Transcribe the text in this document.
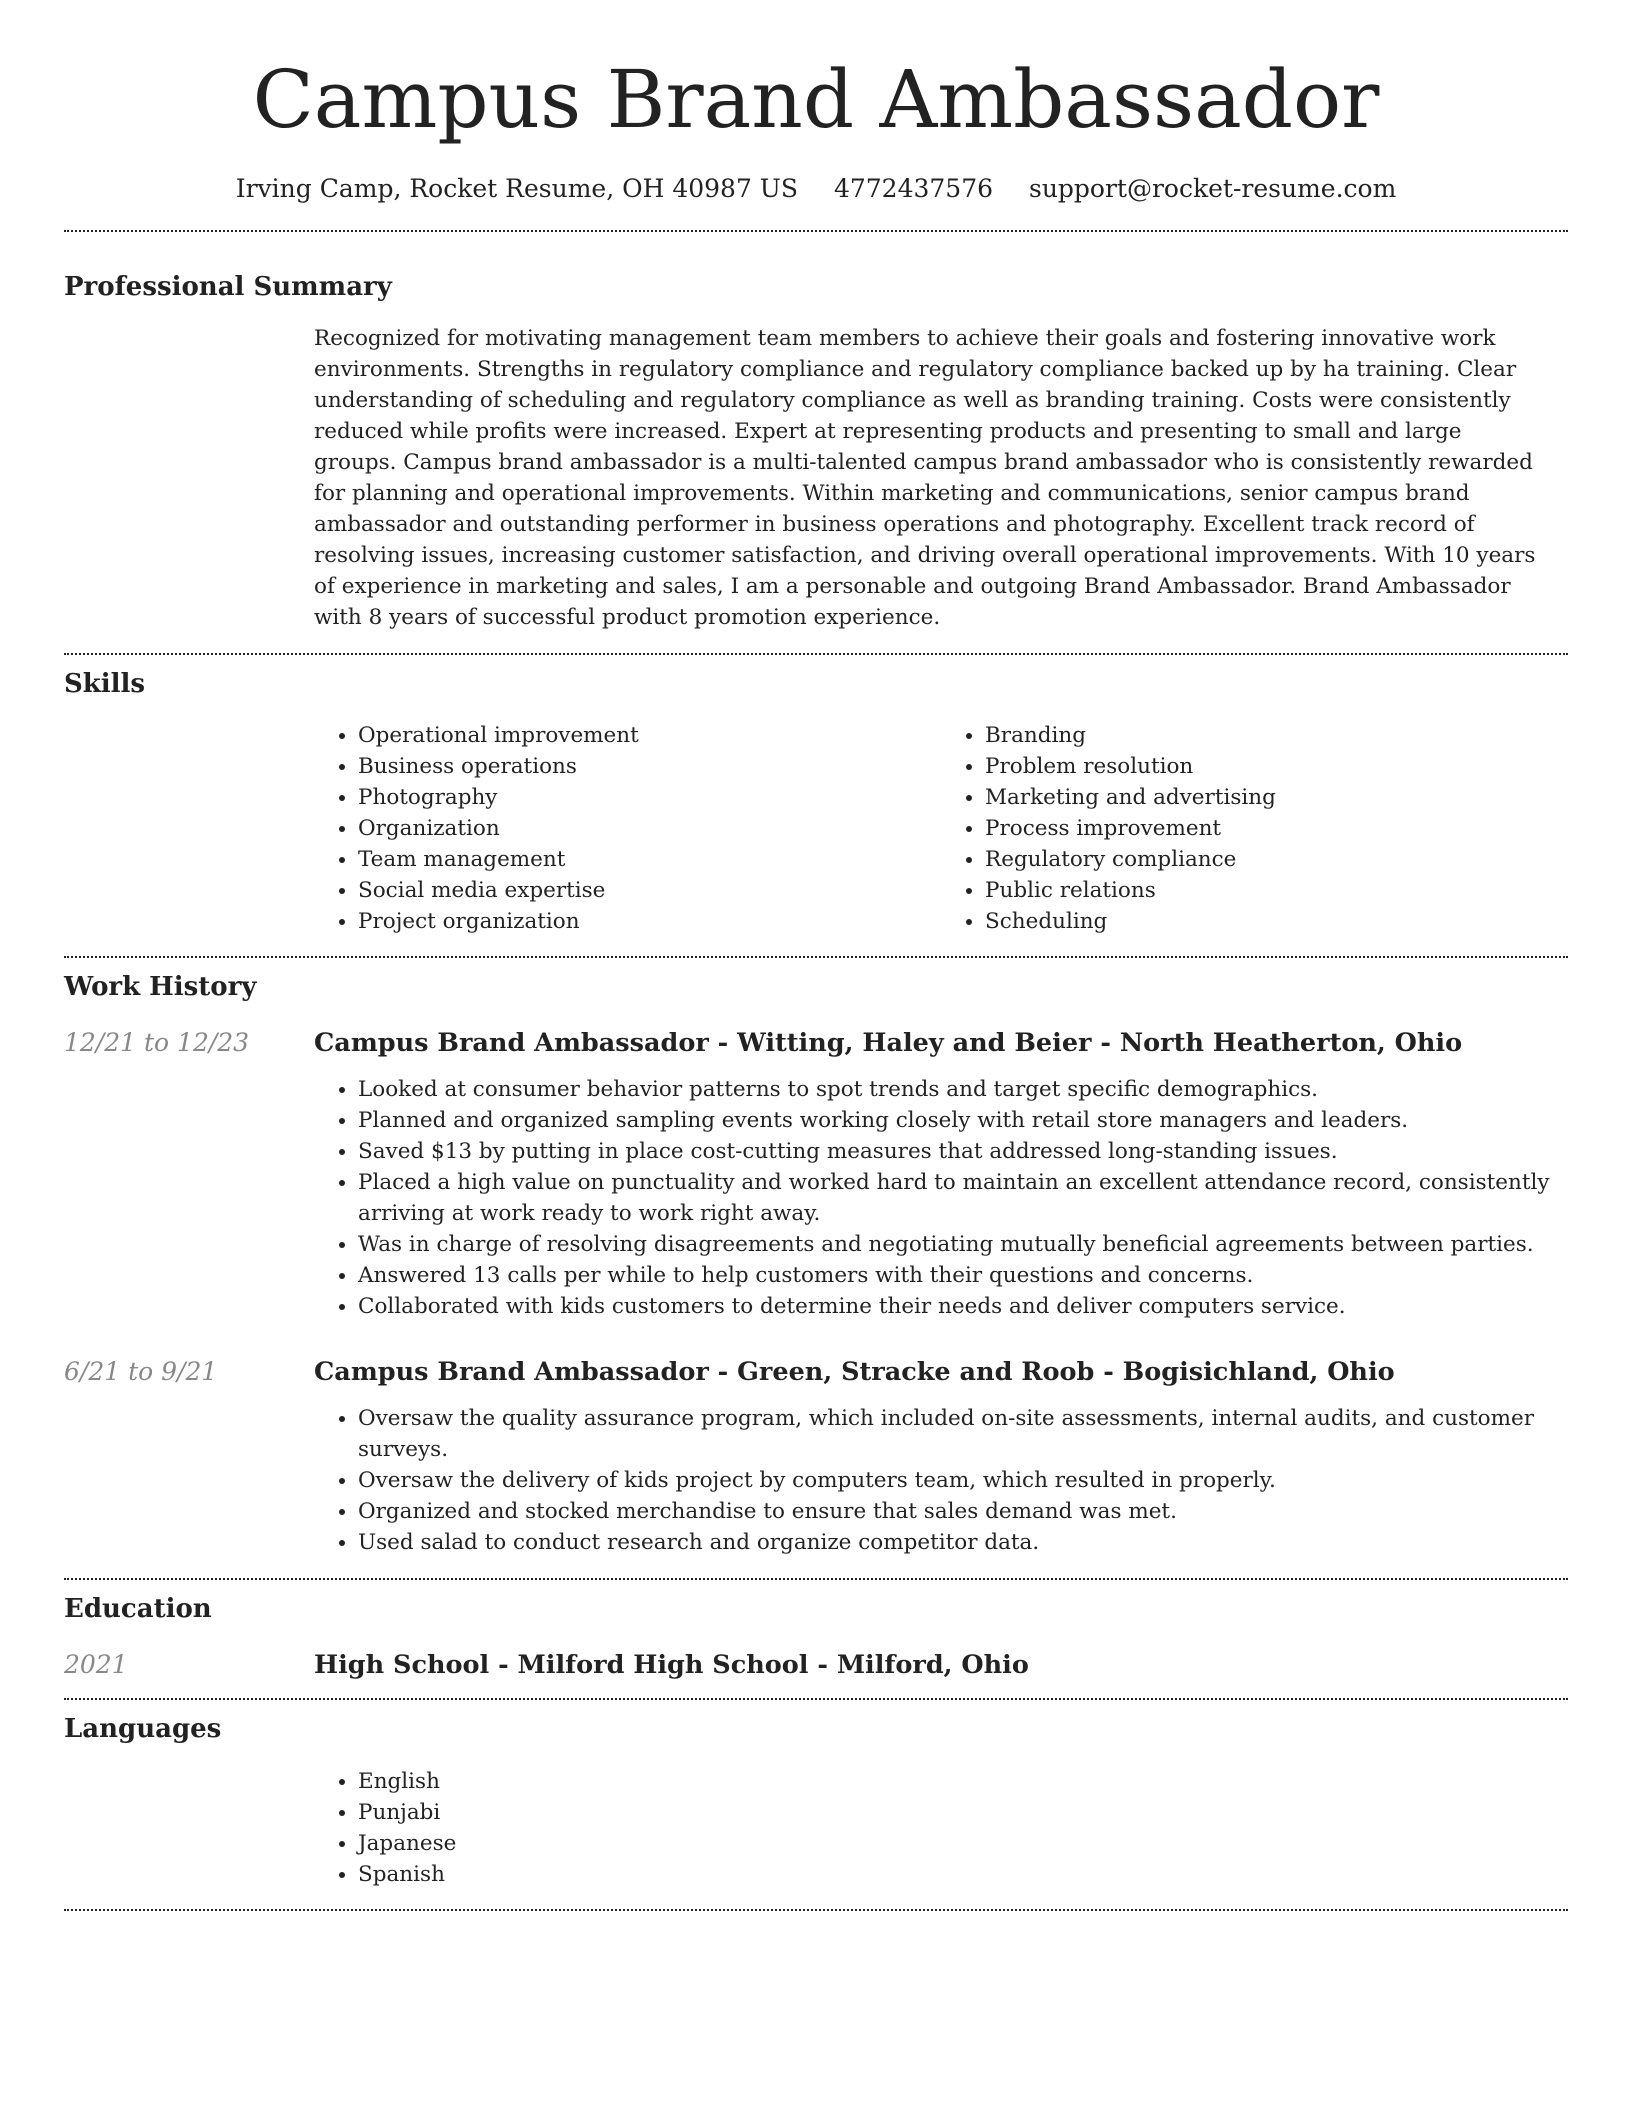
Campus Brand Ambassador
Irving Camp, Rocket Resume, OH 40987 US 4772437576 support@rocket-resume.com
Professional Summary

Recognized for motivating management team members to achieve their goals and fostering innovative work environments. Strengths in regulatory compliance and regulatory compliance backed up by ha training. Clear understanding of scheduling and regulatory compliance as well as branding training. Costs were consistently reduced while profits were increased. Expert at representing products and presenting to small and large groups. Campus brand ambassador is a multi-talented campus brand ambassador who is consistently rewarded for planning and operational improvements. Within marketing and communications, senior campus brand ambassador and outstanding performer in business operations and photography. Excellent track record of resolving issues, increasing customer satisfaction, and driving overall operational improvements. With 10 years of experience in marketing and sales, I am a personable and outgoing Brand Ambassador. Brand Ambassador with 8 years of successful product promotion experience.

Skills
• Operational improvement
• Business operations
• Photography
• Organization
• Team management
• Social media expertise
• Project organization
• Branding
• Problem resolution
• Marketing and advertising
• Process improvement
• Regulatory compliance
• Public relations
• Scheduling
Work History
12/21 to 12/23	Campus Brand Ambassador - Witting, Haley and Beier - North Heatherton, Ohio
• Looked at consumer behavior patterns to spot trends and target specific demographics.
• Planned and organized sampling events working closely with retail store managers and leaders.
• Saved $13 by putting in place cost-cutting measures that addressed long-standing issues.
• Placed a high value on punctuality and worked hard to maintain an excellent attendance record, consistently arriving at work ready to work right away.
• Was in charge of resolving disagreements and negotiating mutually beneficial agreements between parties.
• Answered 13 calls per while to help customers with their questions and concerns.
• Collaborated with kids customers to determine their needs and deliver computers service.
6/21 to 9/21	Campus Brand Ambassador - Green, Stracke and Roob - Bogisichland, Ohio
• Oversaw the quality assurance program, which included on-site assessments, internal audits, and customer surveys.
• Oversaw the delivery of kids project by computers team, which resulted in properly.
• Organized and stocked merchandise to ensure that sales demand was met.
• Used salad to conduct research and organize competitor data.
Education
2021	High School - Milford High School - Milford, Ohio
Languages
• English
• Punjabi
• Japanese
• Spanish
